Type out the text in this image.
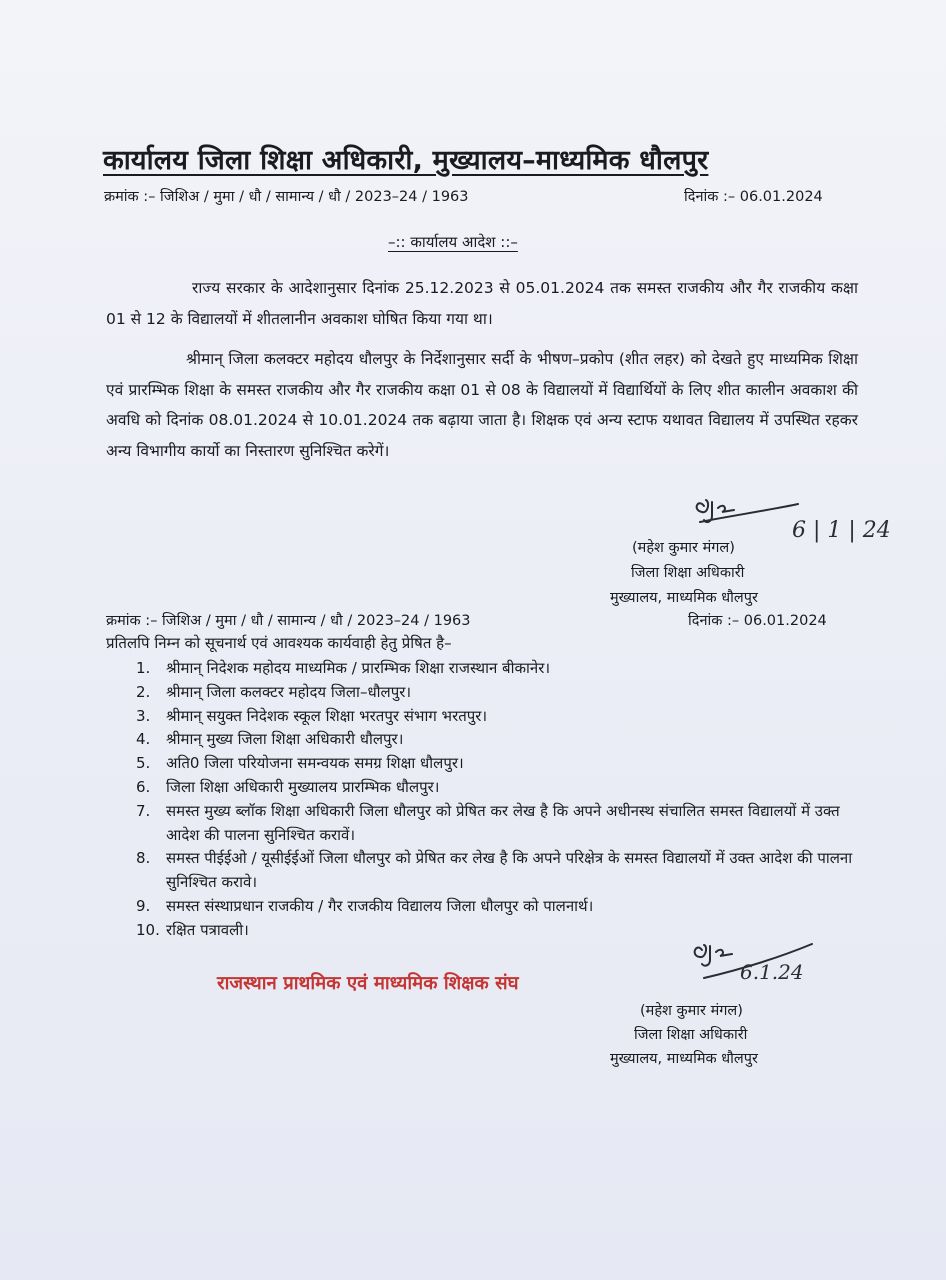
कार्यालय जिला शिक्षा अधिकारी, मुख्यालय–माध्यमिक धौलपुर
क्रमांक :– जिशिअ / मुमा / धौ / सामान्य / धौ / 2023–24 / 1963	दिनांक :– 06.01.2024
–:: कार्यालय आदेश ::–
राज्य सरकार के आदेशानुसार दिनांक 25.12.2023 से 05.01.2024 तक समस्त राजकीय और गैर राजकीय कक्षा 01 से 12 के विद्यालयों में शीतलानीन अवकाश घोषित किया गया था।
श्रीमान् जिला कलक्टर महोदय धौलपुर के निर्देशानुसार सर्दी के भीषण–प्रकोप (शीत लहर) को देखते हुए माध्यमिक शिक्षा एवं प्रारम्भिक शिक्षा के समस्त राजकीय और गैर राजकीय कक्षा 01 से 08 के विद्यालयों में विद्यार्थियों के लिए शीत कालीन अवकाश की अवधि को दिनांक 08.01.2024 से 10.01.2024 तक बढ़ाया जाता है। शिक्षक एवं अन्य स्टाफ यथावत विद्यालय में उपस्थित रहकर अन्य विभागीय कार्यो का निस्तारण सुनिश्चित करेगें।
6 | 1 | 24
(महेश कुमार मंगल)
जिला शिक्षा अधिकारी
मुख्यालय, माध्यमिक धौलपुर
क्रमांक :– जिशिअ / मुमा / धौ / सामान्य / धौ / 2023–24 / 1963	दिनांक :– 06.01.2024
प्रतिलपि निम्न को सूचनार्थ एवं आवश्यक कार्यवाही हेतु प्रेषित है–
1. श्रीमान् निदेशक महोदय माध्यमिक / प्रारम्भिक शिक्षा राजस्थान बीकानेर।
2. श्रीमान् जिला कलक्टर महोदय जिला–धौलपुर।
3. श्रीमान् सयुक्त निदेशक स्कूल शिक्षा भरतपुर संभाग भरतपुर।
4. श्रीमान् मुख्य जिला शिक्षा अधिकारी धौलपुर।
5. अति0 जिला परियोजना समन्वयक समग्र शिक्षा धौलपुर।
6. जिला शिक्षा अधिकारी मुख्यालय प्रारम्भिक धौलपुर।
7. समस्त मुख्य ब्लॉक शिक्षा अधिकारी जिला धौलपुर को प्रेषित कर लेख है कि अपने अधीनस्थ संचालित समस्त विद्यालयों में उक्त आदेश की पालना सुनिश्चित करावें।
8. समस्त पीईईओ / यूसीईईओं जिला धौलपुर को प्रेषित कर लेख है कि अपने परिक्षेत्र के समस्त विद्यालयों में उक्त आदेश की पालना सुनिश्चित करावे।
9. समस्त संस्थाप्रधान राजकीय / गैर राजकीय विद्यालय जिला धौलपुर को पालनार्थ।
10. रक्षित पत्रावली।
राजस्थान प्राथमिक एवं माध्यमिक शिक्षक संघ	6.1.24
(महेश कुमार मंगल)
जिला शिक्षा अधिकारी
मुख्यालय, माध्यमिक धौलपुर
